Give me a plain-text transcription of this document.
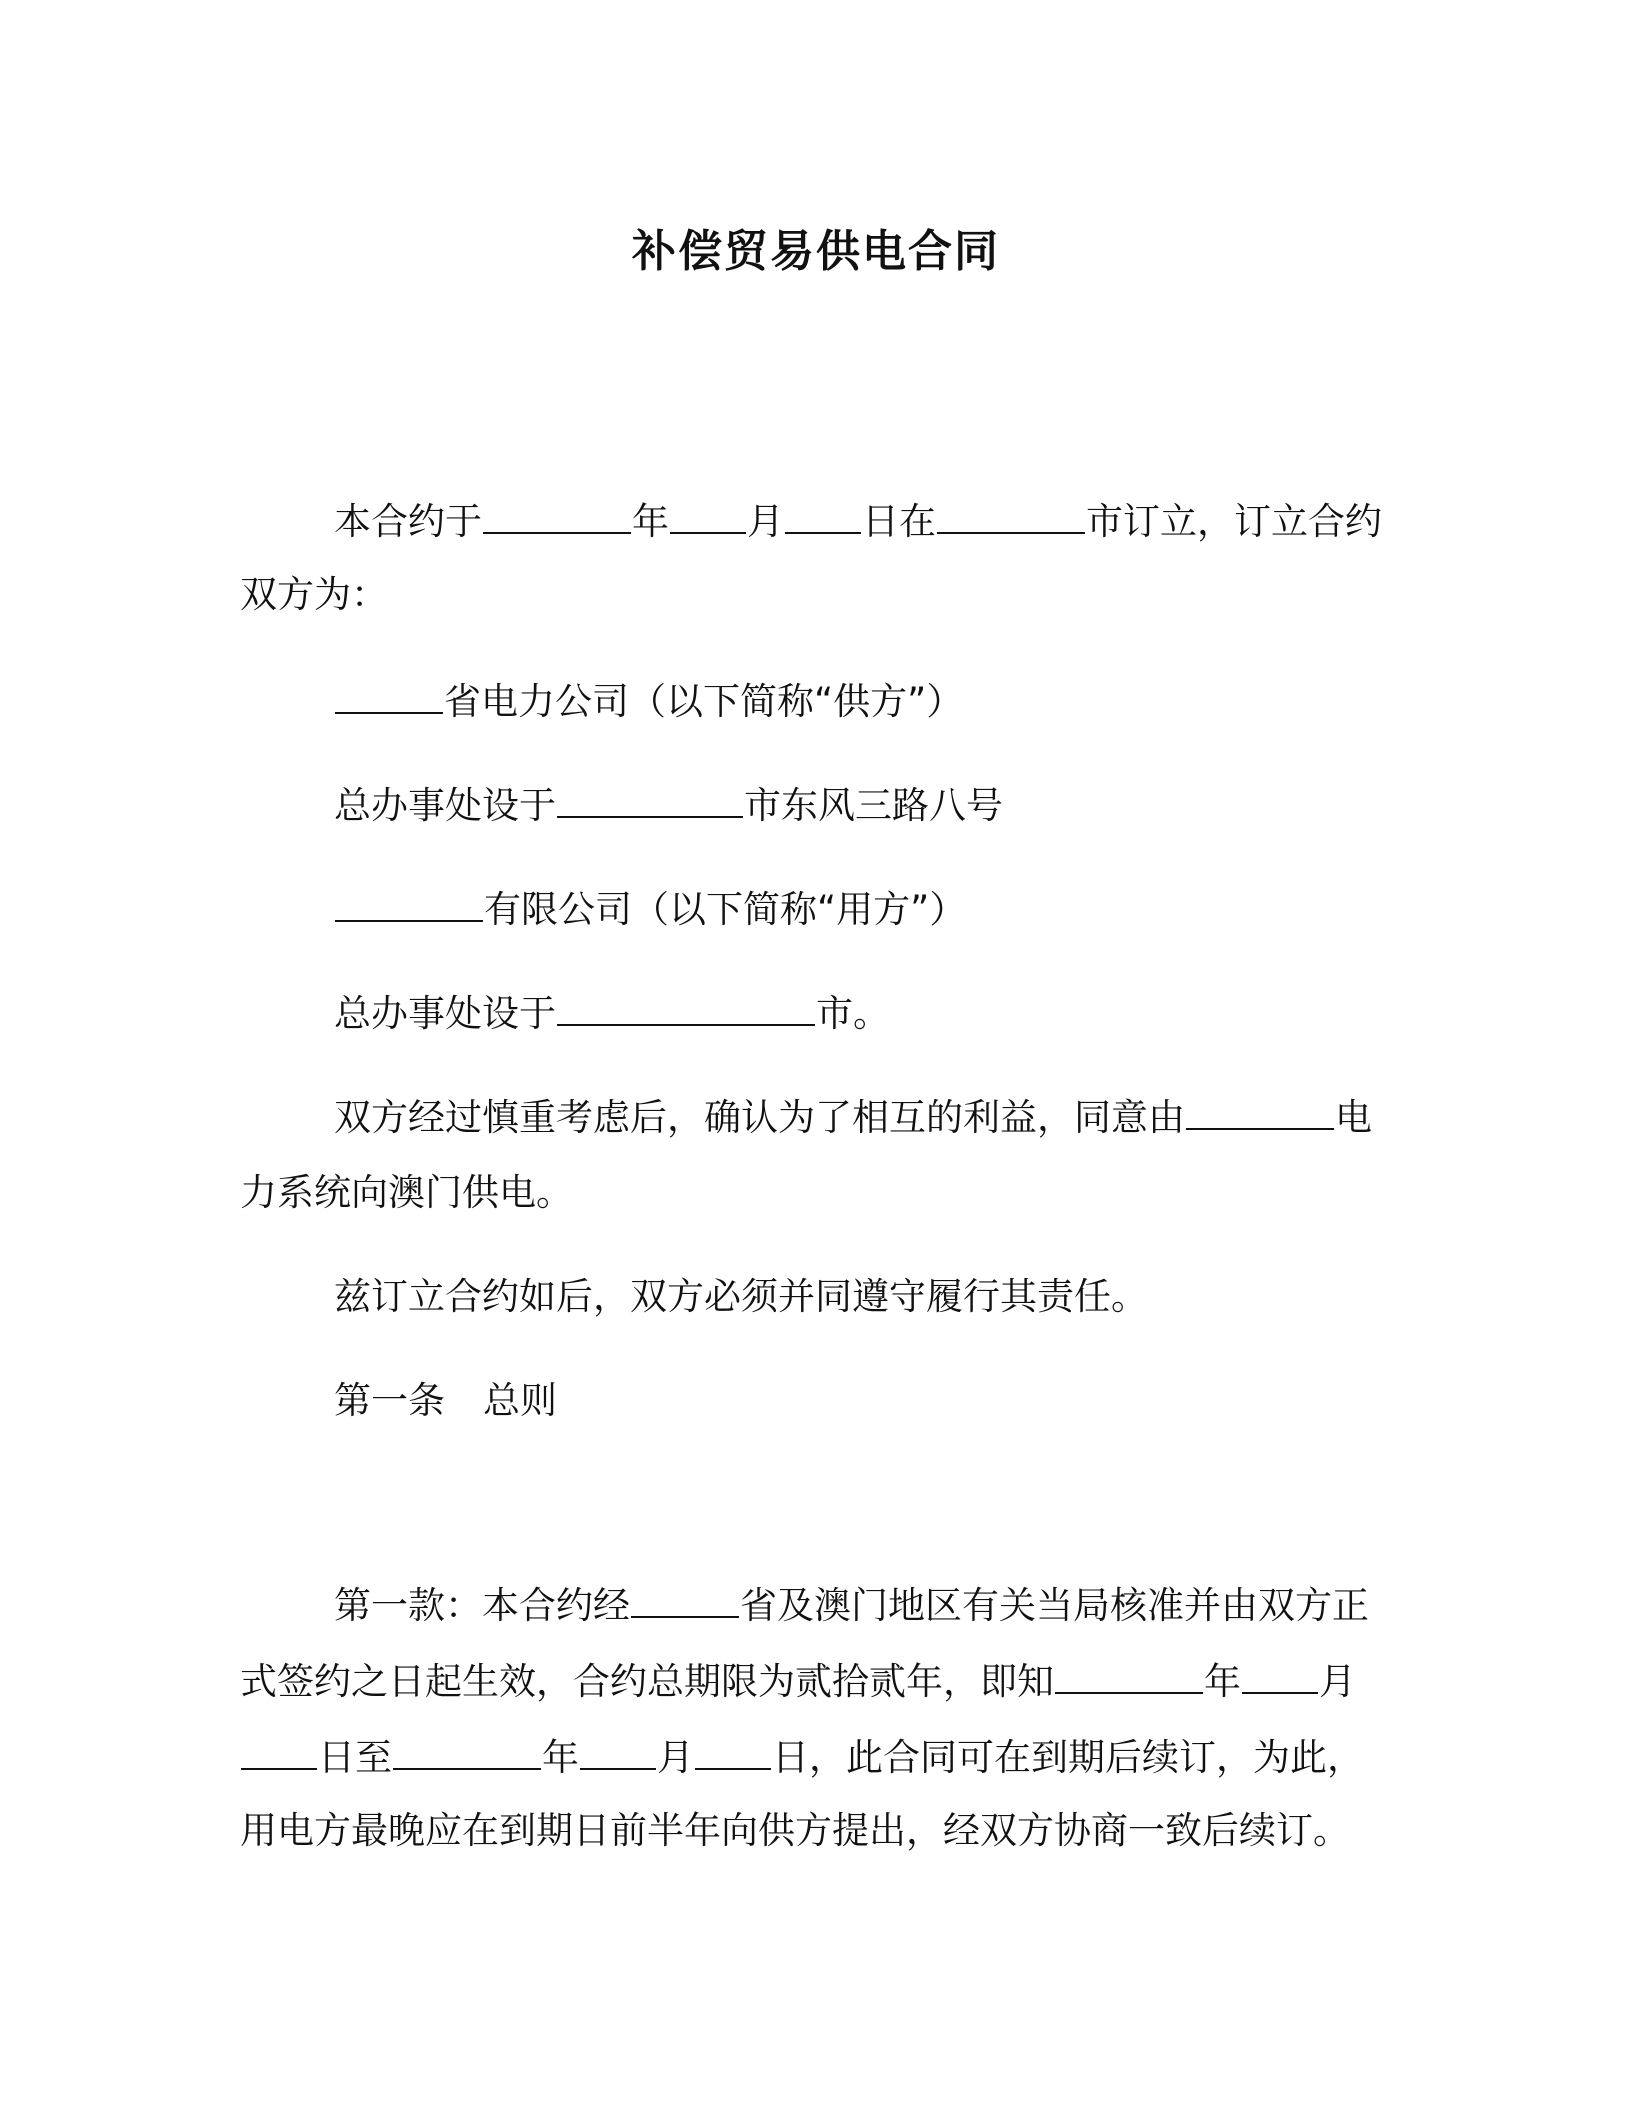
补偿贸易供电合同
本合约于	年 月 日在	市订立，订立合约
双方为：
省电力公司（以下简称“供方”）
总办事处设于	市东风三路八号
有限公司（以下简称“用方”）
总办事处设于	市。
双方经过慎重考虑后，确认为了相互的利益，同意由	电
力系统向澳门供电。
兹订立合约如后，双方必须并同遵守履行其责任。
第一条 总则
第一款：本合约经	省及澳门地区有关当局核准并由双方正
式签约之日起生效，合约总期限为贰拾贰年，即知	年 月
日至	年 月 日，此合同可在到期后续订，为此，
用电方最晚应在到期日前半年向供方提出，经双方协商一致后续订。
